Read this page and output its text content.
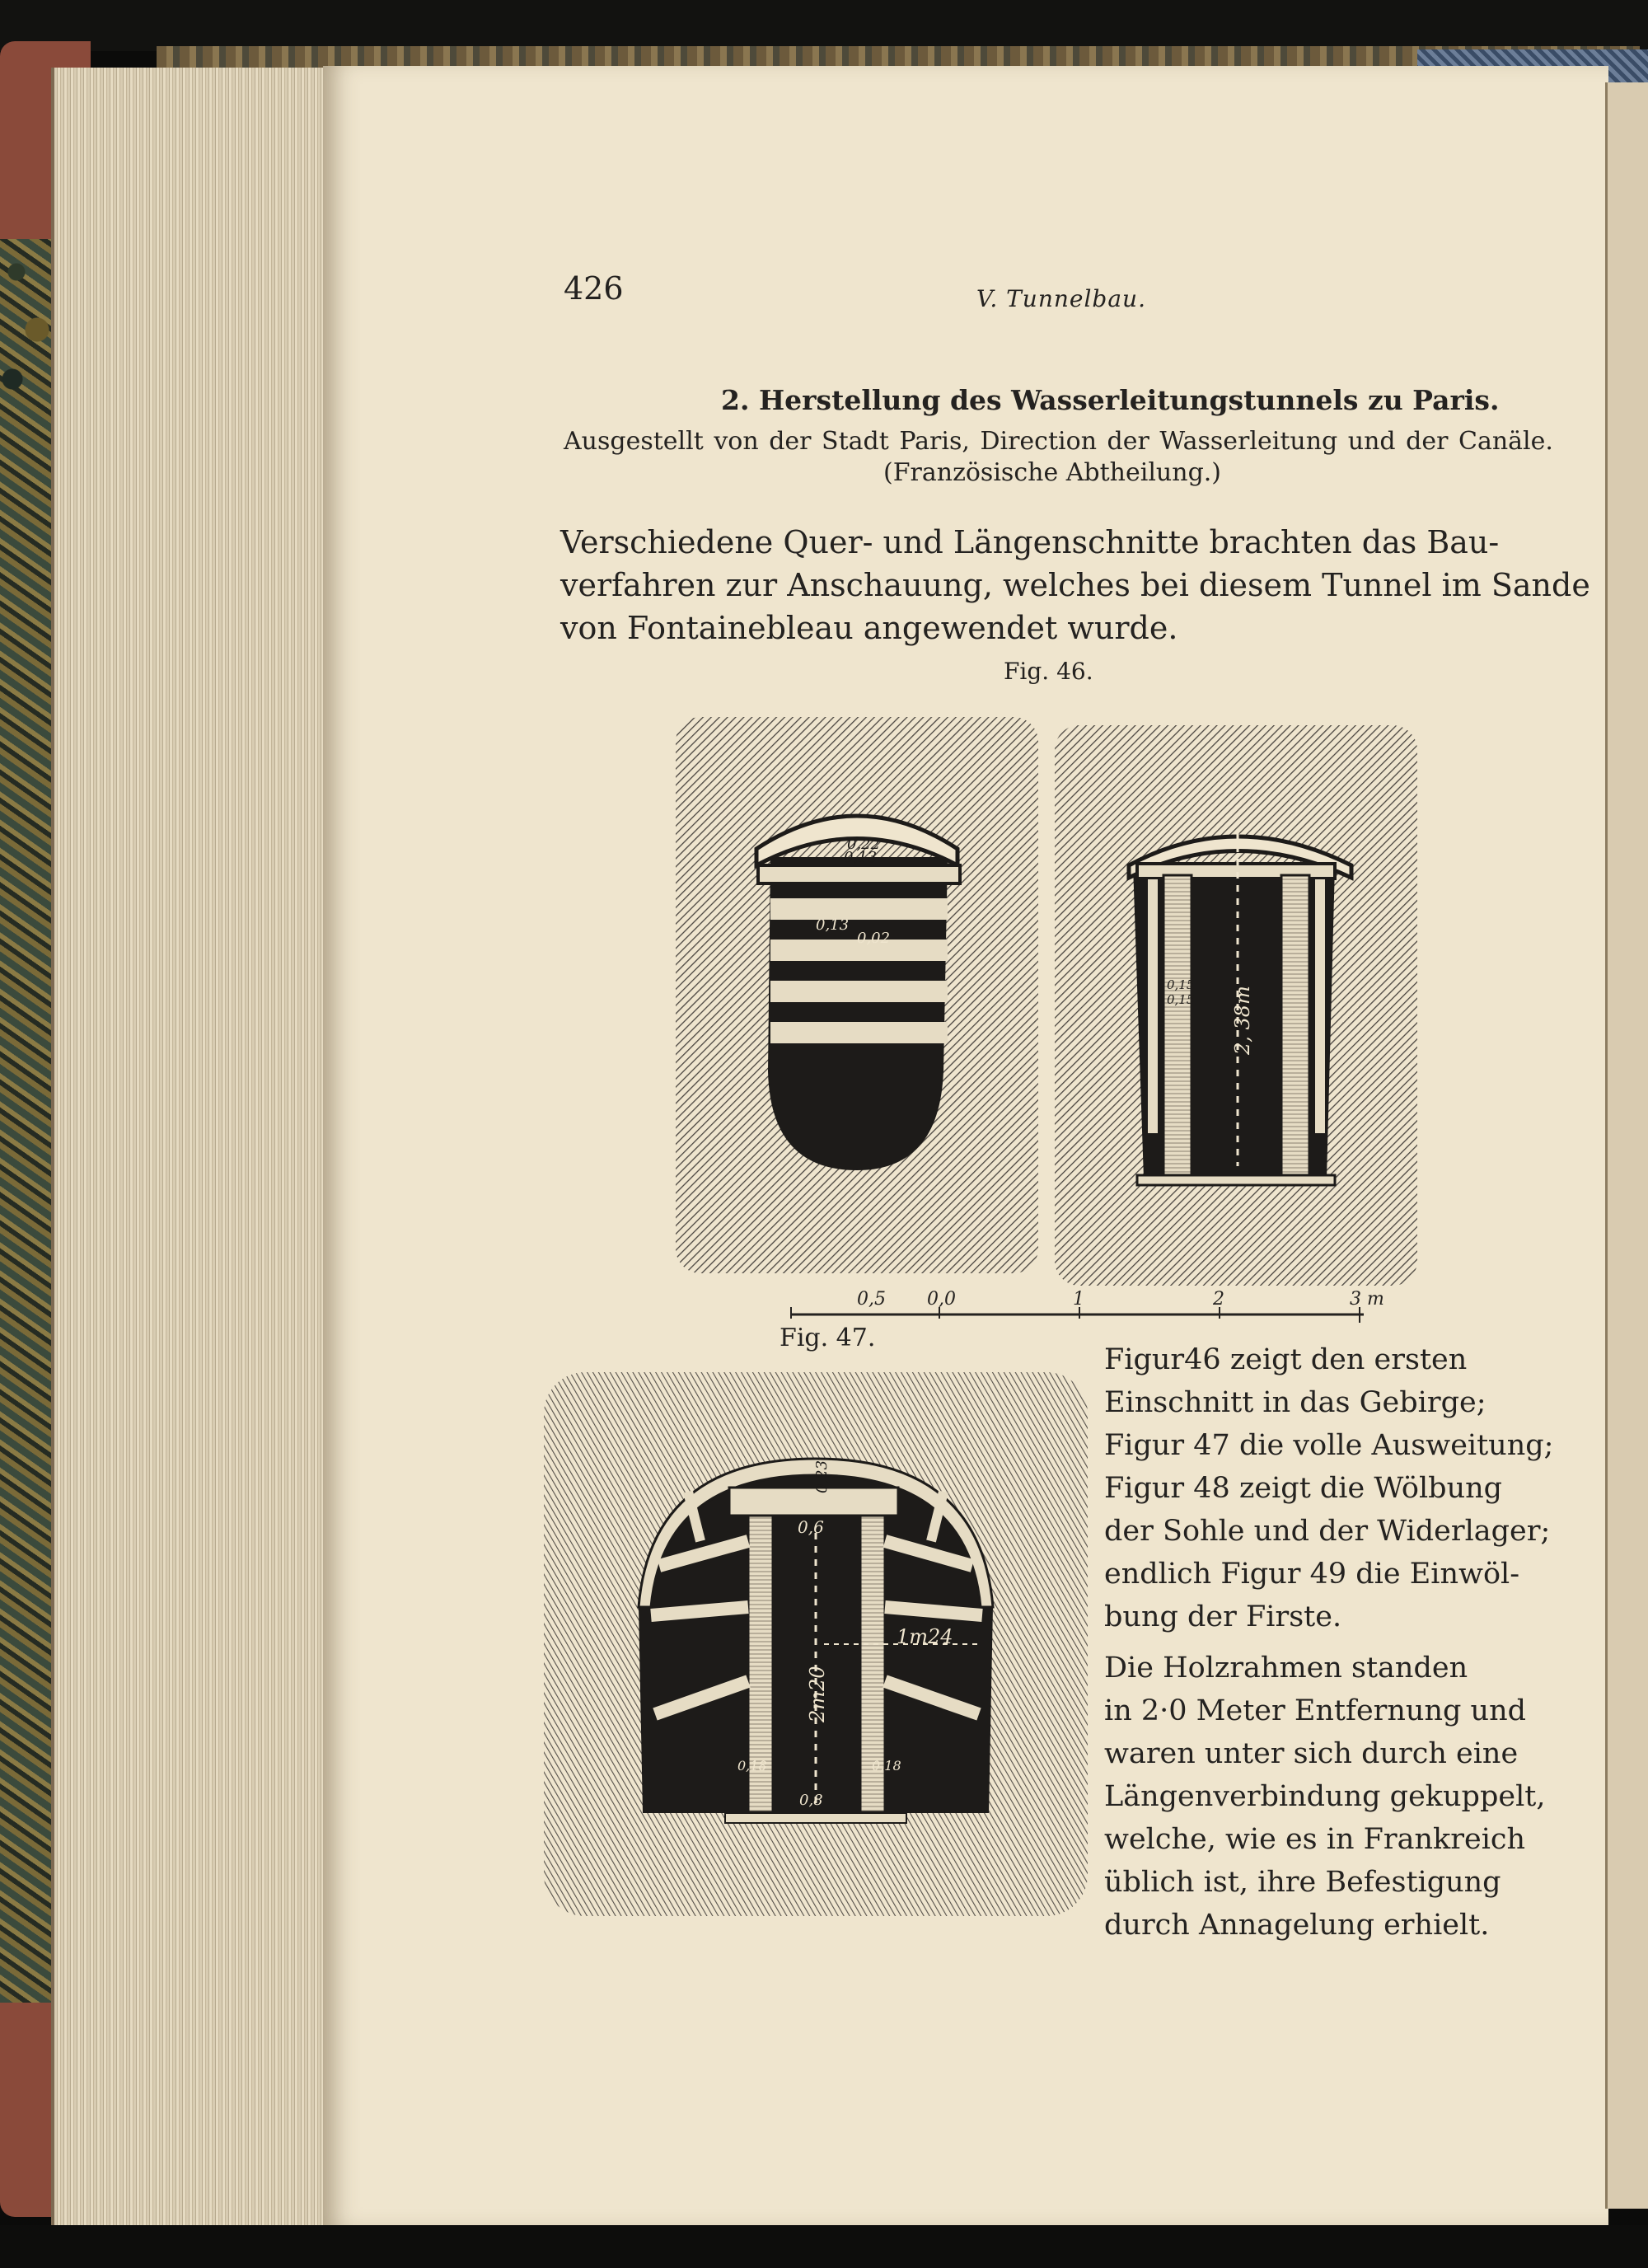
426	V. Tunnelbau.

2. Herstellung des Wasserleitungstunnels zu Paris.

Ausgestellt von der Stadt Paris, Direction der Wasserleitung und der Canäle.

(Französische Abtheilung.)

Verschiedene Quer- und Längenschnitte brachten das Bau-

verfahren zur Anschauung, welches bei diesem Tunnel im Sande

von Fontainebleau angewendet wurde.

Fig. 46.

0,22
0,13
0,13
0,02
2, 38m
0,15
0,15
0,5 0,0	1	2	3 m
0,23
0,6
2m20
1m24
0,18	0,18
0,8

Fig. 47.

Figur46 zeigt den ersten

Einschnitt in das Gebirge;

Figur 47 die volle Ausweitung;

Figur 48 zeigt die Wölbung

der Sohle und der Widerlager;

endlich Figur 49 die Einwöl-

bung der Firste.

Die Holzrahmen standen

in 2·0 Meter Entfernung und

waren unter sich durch eine

Längenverbindung gekuppelt,

welche, wie es in Frankreich

üblich ist, ihre Befestigung

durch Annagelung erhielt.
